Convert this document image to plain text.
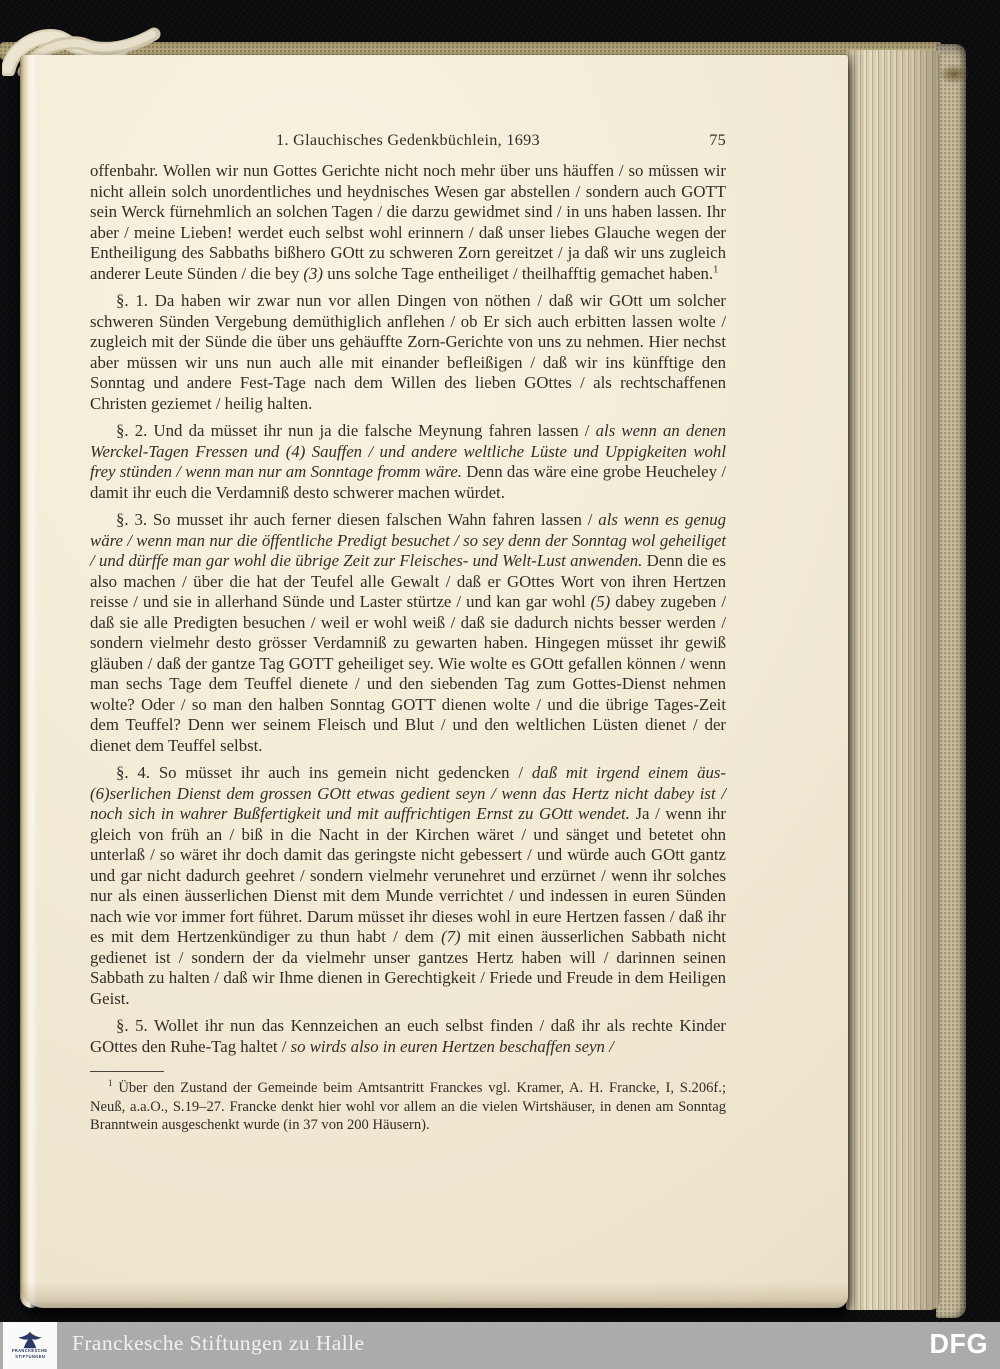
1. Glauchisches Gedenkbüchlein, 1693	75

offenbahr. Wollen wir nun Gottes Gerichte nicht noch mehr über uns häuffen / so müssen wir nicht allein solch unordentliches und heydnisches Wesen gar abstellen / sondern auch GOTT sein Werck fürnehmlich an solchen Tagen / die darzu gewidmet sind / in uns haben lassen. Ihr aber / meine Lieben! werdet euch selbst wohl erinnern / daß unser liebes Glauche wegen der Entheiligung des Sabbaths bißhero GOtt zu schweren Zorn gereitzet / ja daß wir uns zugleich anderer Leute Sünden / die bey (3) uns solche Tage entheiliget / theilhafftig gemachet haben.$^1$

§. 1. Da haben wir zwar nun vor allen Dingen von nöthen / daß wir GOtt um solcher schweren Sünden Vergebung demüthiglich anflehen / ob Er sich auch erbitten lassen wolte / zugleich mit der Sünde die über uns gehäuffte Zorn-Gerichte von uns zu nehmen. Hier nechst aber müssen wir uns nun auch alle mit einander befleißigen / daß wir ins künfftige den Sonntag und andere Fest-Tage nach dem Willen des lieben GOttes / als rechtschaffenen Christen geziemet / heilig halten.

§. 2. Und da müsset ihr nun ja die falsche Meynung fahren lassen / als wenn an denen Werckel-Tagen Fressen und (4) Sauffen / und andere weltliche Lüste und Uppigkeiten wohl frey stünden / wenn man nur am Sonntage fromm wäre. Denn das wäre eine grobe Heucheley / damit ihr euch die Verdamniß desto schwerer machen würdet.

§. 3. So musset ihr auch ferner diesen falschen Wahn fahren lassen / als wenn es genug wäre / wenn man nur die öffentliche Predigt besuchet / so sey denn der Sonntag wol geheiliget / und dürffe man gar wohl die übrige Zeit zur Fleisches- und Welt-Lust anwenden. Denn die es also machen / über die hat der Teufel alle Gewalt / daß er GOttes Wort von ihren Hertzen reisse / und sie in allerhand Sünde und Laster stürtze / und kan gar wohl (5) dabey zugeben / daß sie alle Predigten besuchen / weil er wohl weiß / daß sie dadurch nichts besser werden / sondern vielmehr desto grösser Verdamniß zu gewarten haben. Hingegen müsset ihr gewiß gläuben / daß der gantze Tag GOTT geheiliget sey. Wie wolte es GOtt gefallen können / wenn man sechs Tage dem Teuffel dienete / und den siebenden Tag zum Gottes-Dienst nehmen wolte? Oder / so man den halben Sonntag GOTT dienen wolte / und die übrige Tages-Zeit dem Teuffel? Denn wer seinem Fleisch und Blut / und den weltlichen Lüsten dienet / der dienet dem Teuffel selbst.

§. 4. So müsset ihr auch ins gemein nicht gedencken / daß mit irgend einem äus-(6)serlichen Dienst dem grossen GOtt etwas gedient seyn / wenn das Hertz nicht dabey ist / noch sich in wahrer Bußfertigkeit und mit auffrichtigen Ernst zu GOtt wendet. Ja / wenn ihr gleich von früh an / biß in die Nacht in der Kirchen wäret / und sänget und betetet ohn unterlaß / so wäret ihr doch damit das geringste nicht gebessert / und würde auch GOtt gantz und gar nicht dadurch geehret / sondern vielmehr verunehret und erzürnet / wenn ihr solches nur als einen äusserlichen Dienst mit dem Munde verrichtet / und indessen in euren Sünden nach wie vor immer fort führet. Darum müsset ihr dieses wohl in eure Hertzen fassen / daß ihr es mit dem Hertzenkündiger zu thun habt / dem (7) mit einen äusserlichen Sabbath nicht gedienet ist / sondern der da vielmehr unser gantzes Hertz haben will / darinnen seinen Sabbath zu halten / daß wir Ihme dienen in Gerechtigkeit / Friede und Freude in dem Heiligen Geist.

§. 5. Wollet ihr nun das Kennzeichen an euch selbst finden / daß ihr als rechte Kinder GOttes den Ruhe-Tag haltet / so wirds also in euren Hertzen beschaffen seyn /

$^1$ Über den Zustand der Gemeinde beim Amtsantritt Franckes vgl. Kramer, A. H. Francke, I, S.206f.; Neuß, a.a.O., S.19–27. Francke denkt hier wohl vor allem an die vielen Wirtshäuser, in denen am Sonntag Branntwein ausgeschenkt wurde (in 37 von 200 Häusern).

FRANCKESCHE
STIFTUNGEN
Franckesche Stiftungen zu Halle	DFG
